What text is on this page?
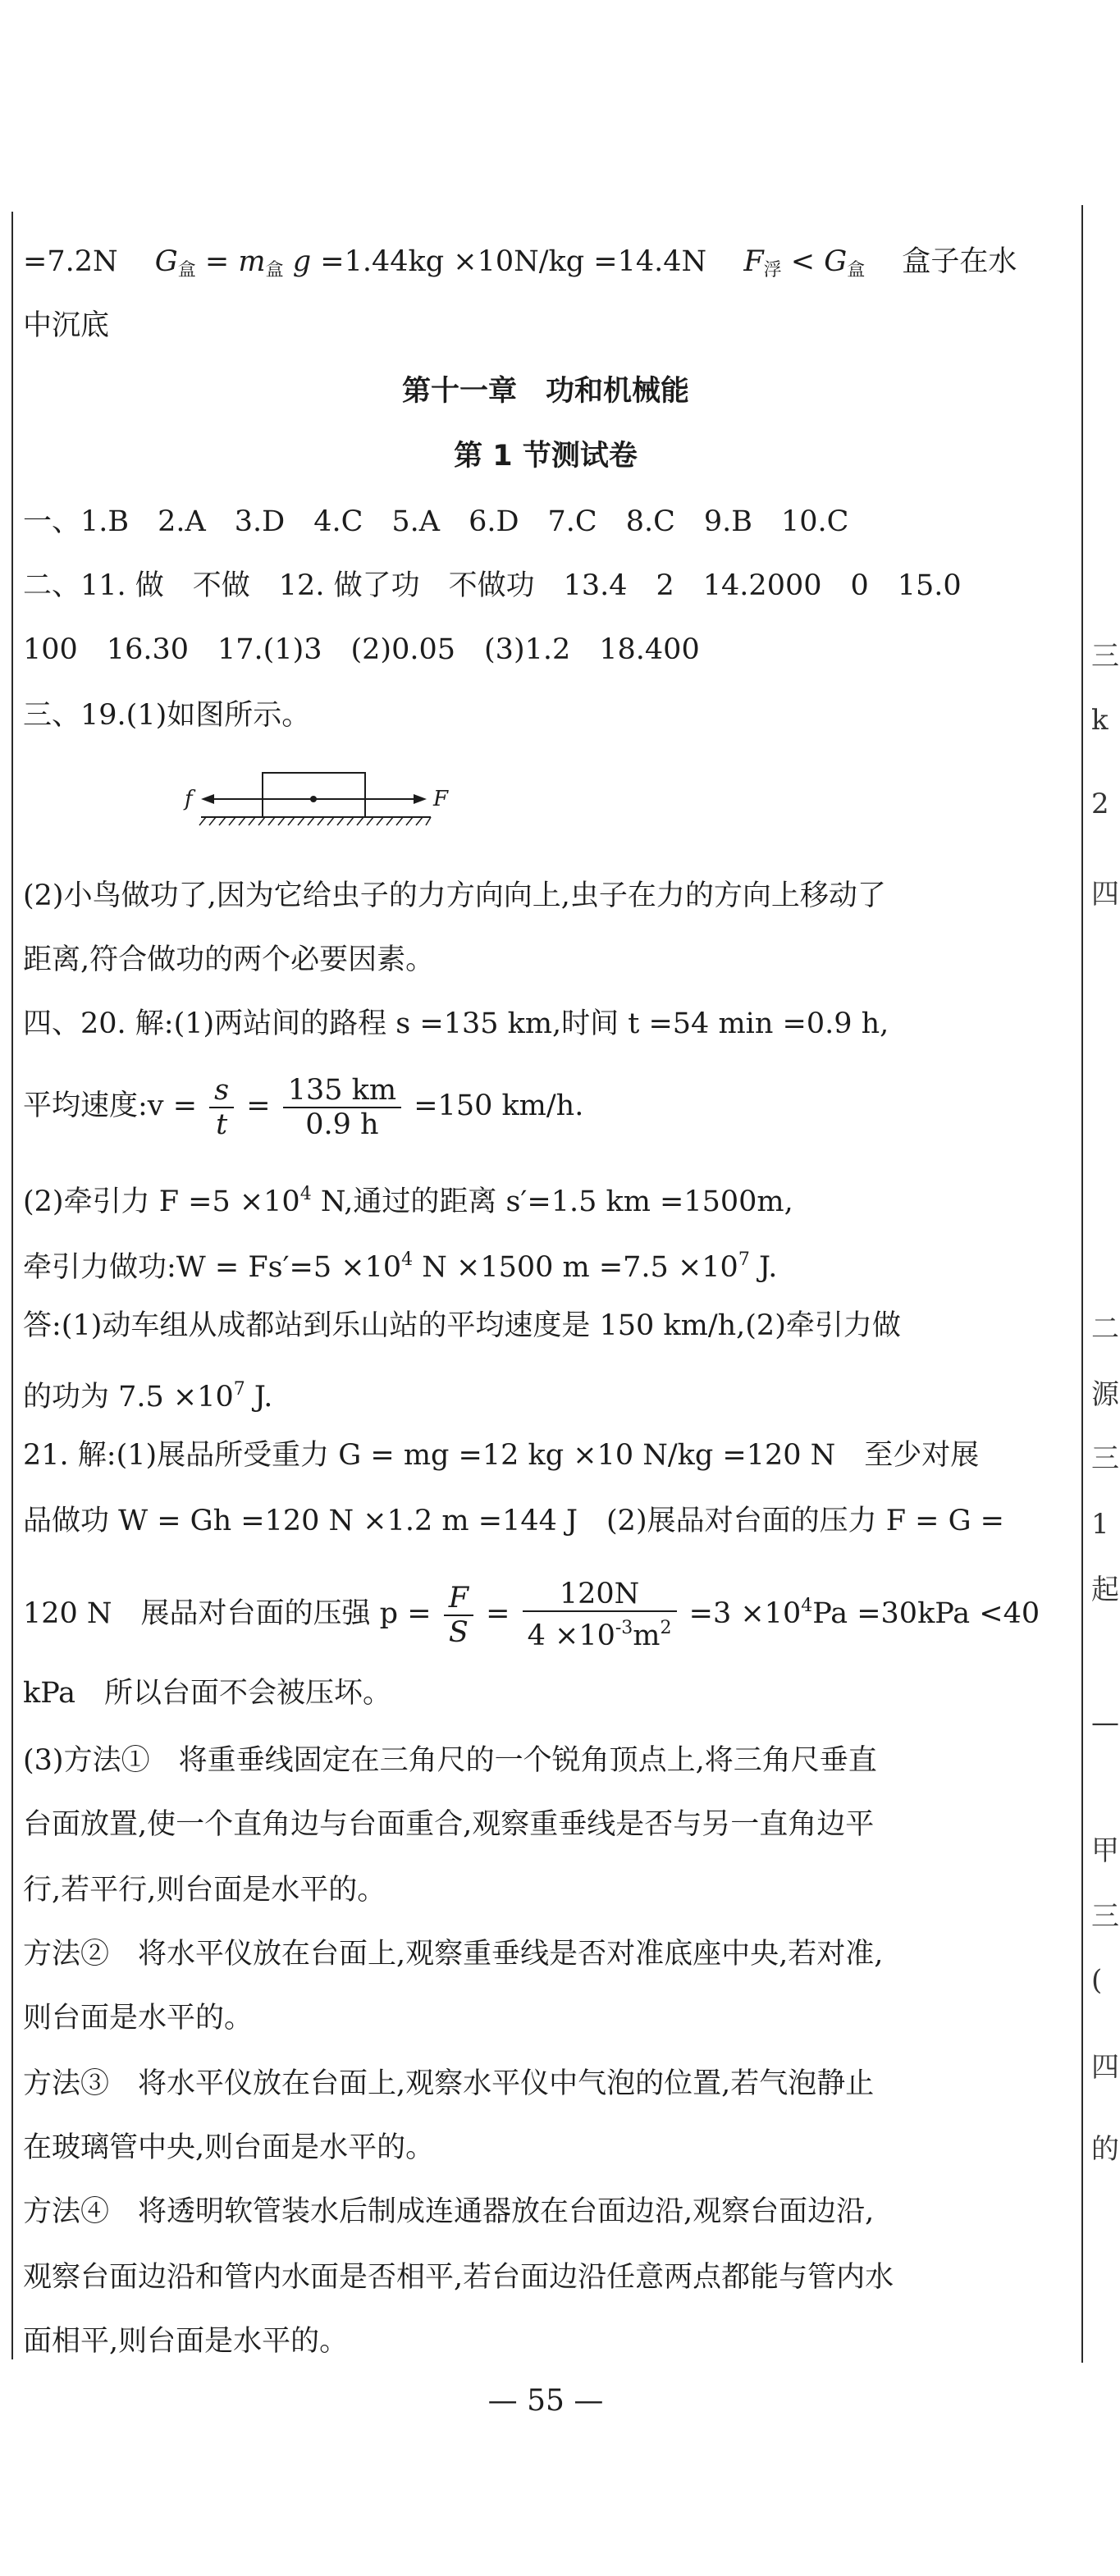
=7.2N $G_盒 = m_盒$ g =1.44kg ×10N/kg =14.4N $F_浮 < G_盒$ 盒子在水
中沉底
第十一章　功和机械能
第 1 节测试卷
一、1.B　2.A　3.D　4.C　5.A　6.D　7.C　8.C　9.B　10.C
二、11. 做　不做　12. 做了功　不做功　13.4　2　14.2000　0　15.0
100　16.30　17.(1)3　(2)0.05　(3)1.2　18.400
三、19.(1)如图所示。
f	F
(2)小鸟做功了,因为它给虫子的力方向向上,虫子在力的方向上移动了
距离,符合做功的两个必要因素。
四、20. 解:(1)两站间的路程 s =135 km,时间 t =54 min =0.9 h,
平均速度:v = $\frac{s}{t} = \frac{135 km}{0.9 h} =150$ km/h.
(2)牵引力 $F =5 \times 10^4$ N,通过的距离 s′=1.5 km =1500m,
牵引力做功:W = $Fs'=5 \times 10^4$ N ×1500 $m =7.5 \times 10^7$ J.
答:(1)动车组从成都站到乐山站的平均速度是 150 km/h,(2)牵引力做
的功为 $7.5 \times 10^7$ J.
21. 解:(1)展品所受重力 G = mg =12 kg ×10 N/kg =120 N　至少对展
品做功 W = Gh =120 N ×1.2 m =144 J　(2)展品对台面的压力 F = G =
120 N　展品对台面的压强 $p = \frac{F}{S} = \frac{120N}{4 \times 10^{-3}m^2} =3 \times 10^4Pa =30kPa <40$
kPa　所以台面不会被压坏。
(3)方法①　将重垂线固定在三角尺的一个锐角顶点上,将三角尺垂直
台面放置,使一个直角边与台面重合,观察重垂线是否与另一直角边平
行,若平行,则台面是水平的。
方法②　将水平仪放在台面上,观察重垂线是否对准底座中央,若对准,
则台面是水平的。
方法③　将水平仪放在台面上,观察水平仪中气泡的位置,若气泡静止
在玻璃管中央,则台面是水平的。
方法④　将透明软管装水后制成连通器放在台面边沿,观察台面边沿,
观察台面边沿和管内水面是否相平,若台面边沿任意两点都能与管内水
面相平,则台面是水平的。
三
k
2
四
二
源
三
1
起
—
甲
三
(
四
的
— 55 —
